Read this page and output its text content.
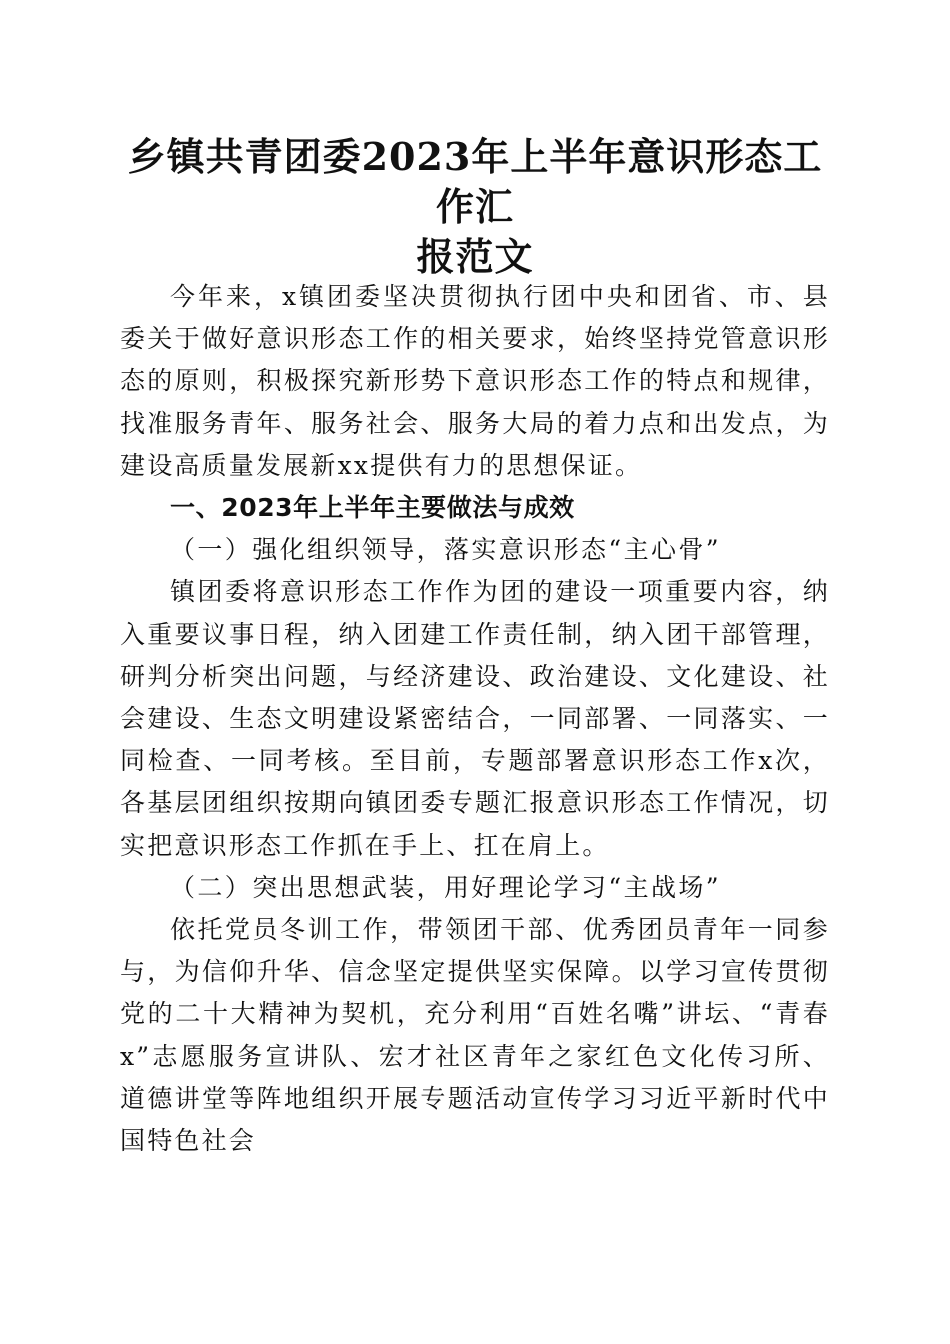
乡镇共青团委2023年上半年意识形态工作汇
报范文

今年来，x镇团委坚决贯彻执行团中央和团省、市、县委关于做好意识形态工作的相关要求，始终坚持党管意识形态的原则，积极探究新形势下意识形态工作的特点和规律，找准服务青年、服务社会、服务大局的着力点和出发点，为建设高质量发展新xx提供有力的思想保证。

一、2023年上半年主要做法与成效

（一）强化组织领导，落实意识形态“主心骨”

镇团委将意识形态工作作为团的建设一项重要内容，纳入重要议事日程，纳入团建工作责任制，纳入团干部管理，研判分析突出问题，与经济建设、政治建设、文化建设、社会建设、生态文明建设紧密结合，一同部署、一同落实、一同检查、一同考核。至目前，专题部署意识形态工作x次，各基层团组织按期向镇团委专题汇报意识形态工作情况，切实把意识形态工作抓在手上、扛在肩上。

（二）突出思想武装，用好理论学习“主战场”

依托党员冬训工作，带领团干部、优秀团员青年一同参与，为信仰升华、信念坚定提供坚实保障。以学习宣传贯彻党的二十大精神为契机，充分利用“百姓名嘴”讲坛、“青春x”志愿服务宣讲队、宏才社区青年之家红色文化传习所、道德讲堂等阵地组织开展专题活动宣传学习习近平新时代中国特色社会
